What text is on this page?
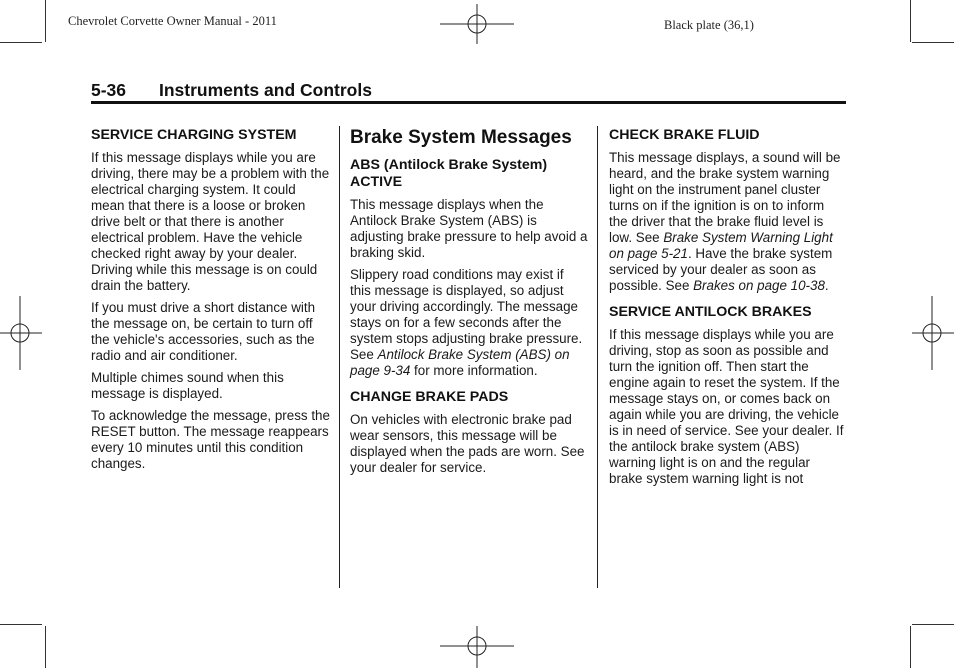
Chevrolet Corvette Owner Manual - 2011	Black plate (36,1)
5-36 Instruments and Controls
SERVICE CHARGING SYSTEM

If this message displays while you are driving, there may be a problem with the electrical charging system. It could mean that there is a loose or broken drive belt or that there is another electrical problem. Have the vehicle checked right away by your dealer. Driving while this message is on could drain the battery.

If you must drive a short distance with the message on, be certain to turn off the vehicle's accessories, such as the radio and air conditioner.

Multiple chimes sound when this message is displayed.

To acknowledge the message, press the RESET button. The message reappears every 10 minutes until this condition changes.

Brake System Messages
ABS (Antilock Brake System) ACTIVE

This message displays when the Antilock Brake System (ABS) is adjusting brake pressure to help avoid a braking skid.

Slippery road conditions may exist if this message is displayed, so adjust your driving accordingly. The message stays on for a few seconds after the system stops adjusting brake pressure. See Antilock Brake System (ABS) on page 9-34 for more information.

CHANGE BRAKE PADS

On vehicles with electronic brake pad wear sensors, this message will be displayed when the pads are worn. See your dealer for service.

CHECK BRAKE FLUID

This message displays, a sound will be heard, and the brake system warning light on the instrument panel cluster turns on if the ignition is on to inform the driver that the brake fluid level is low. See Brake System Warning Light on page 5-21. Have the brake system serviced by your dealer as soon as possible. See Brakes on page 10-38.

SERVICE ANTILOCK BRAKES

If this message displays while you are driving, stop as soon as possible and turn the ignition off. Then start the engine again to reset the system. If the message stays on, or comes back on again while you are driving, the vehicle is in need of service. See your dealer. If the antilock brake system (ABS) warning light is on and the regular brake system warning light is not
